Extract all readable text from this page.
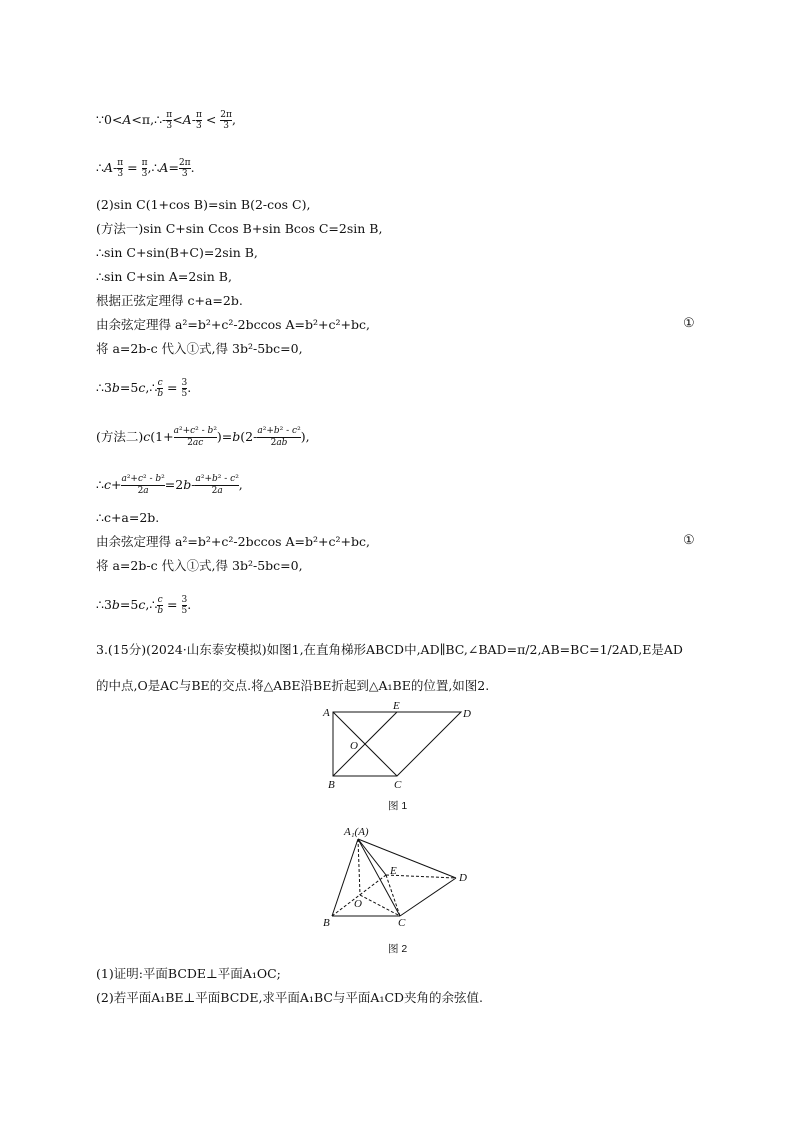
∵0<A<π,∴-π

3 <A-π

3 < 2π

3 ,
∴A-π

3 = π

3 ,∴A=2π

3 .
(2)sin C(1+cos B)=sin B(2-cos C),
(方法一)sin C+sin Ccos B+sin Bcos C=2sin B,
∴sin C+sin(B+C)=2sin B,
∴sin C+sin A=2sin B,
根据正弦定理得 c+a=2b.
由余弦定理得 a²=b²+c²-2bccos A=b²+c²+bc,	①
将 a=2b-c 代入①式,得 3b²-5bc=0,
$\therefore 3b=5c,\therefore\frac{c}{b} = 3$

5 .
(方法二)c(1+a²+c² - b²

2ac	)=b(2-a²+b² - c²

2ab	),
∴c+a²+c² - b²

2a	=2b-a²+b² - c²

2a	,
∴c+a=2b.
由余弦定理得 a²=b²+c²-2bccos A=b²+c²+bc,	①
将 a=2b-c 代入①式,得 3b²-5bc=0,
$\therefore 3b=5c,\therefore\frac{c}{b} = 3$

5 .
3.(15分)(2024·山东泰安模拟)如图1,在直角梯形ABCD中,AD∥BC,∠BAD=π/2,AB=BC=1/2AD,E是AD
的中点,O是AC与BE的交点.将△ABE沿BE折起到△A₁BE的位置,如图2.
A
E
D
O
B	C
图 1
A₁(A)
E
D
O
B	C
图 2
(1)证明:平面BCDE⊥平面A₁OC;
(2)若平面A₁BE⊥平面BCDE,求平面A₁BC与平面A₁CD夹角的余弦值.
